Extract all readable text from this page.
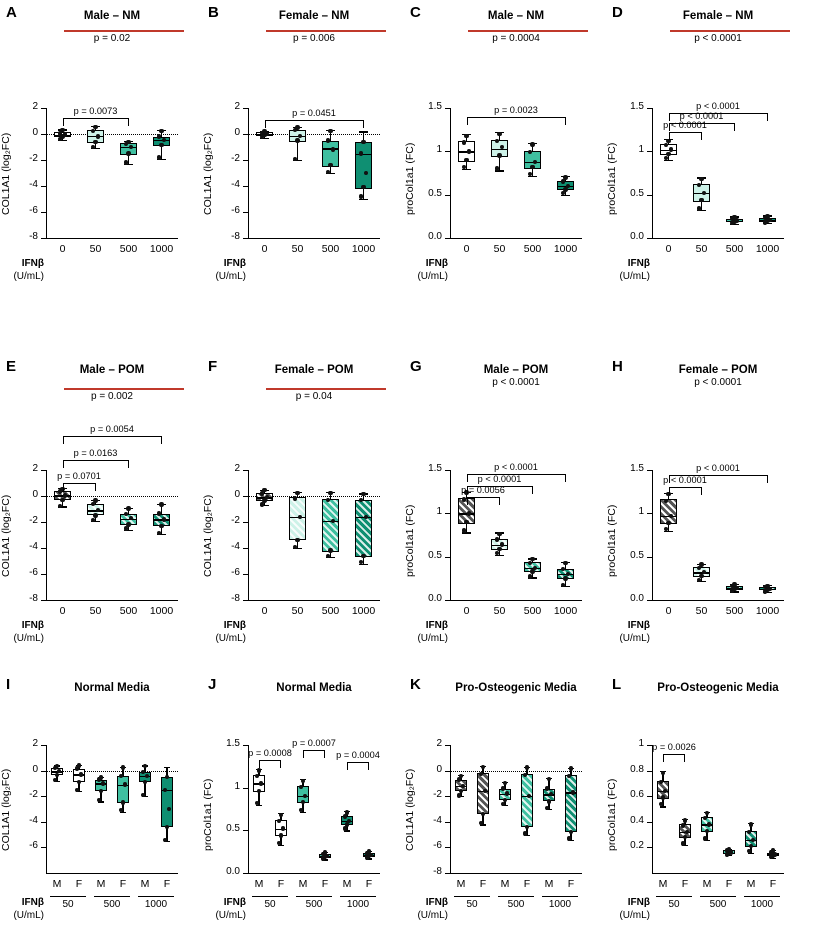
A	Male – NM
p = 0.02
2
0
-2
-4
-6
-8
COL1A1 (log₂FC)
0	50	500	1000
IFNβ
(U/mL)
p = 0.0073
B	Female – NM
p = 0.006
2
0
-2
-4
-6
-8
COL1A1 (log₂FC)
0	50	500	1000
IFNβ
(U/mL)
p = 0.0451
C	Male – NM
p = 0.0004
1.5
1
0.5
0.0
proCol1a1 (FC)
0	50	500	1000
IFNβ
(U/mL)
p = 0.0023
D	Female – NM
p < 0.0001
1.5
1
0.5
0.0
proCol1a1 (FC)
0	50	500	1000
IFNβ
(U/mL)
p < 0.0001
p < 0.0001
p < 0.0001
E	Male – POM
p = 0.002
2
0
-2
-4
-6
-8
COL1A1 (log₂FC)
0	50	500	1000
IFNβ
(U/mL)
p = 0.0701
p = 0.0163
p = 0.0054
F	Female – POM
p = 0.04
2
0
-2
-4
-6
-8
COL1A1 (log₂FC)
0	50	500	1000
IFNβ
(U/mL)
G	Male – POM
p < 0.0001
1.5
1
0.5
0.0
proCol1a1 (FC)
0	50	500	1000
IFNβ
(U/mL)
p = 0.0056
p < 0.0001
p < 0.0001
H	Female – POM
p < 0.0001
1.5
1
0.5
0.0
proCol1a1 (FC)
0	50	500	1000
IFNβ
(U/mL)
p < 0.0001
p < 0.0001
I	Normal Media
2
0
-2
-4
-6
COL1A1 (log₂FC)
M	F	M	F	M	F
50	500	1000
IFNβ
(U/mL)
J	Normal Media
1.5
1
0.5
0.0
proCol1a1 (FC)
M	F	M	F	M	F
50	500	1000
IFNβ
(U/mL)
p = 0.0008
p = 0.0007
p = 0.0004
K	Pro-Osteogenic Media
2
0
-2
-4
-6
-8
COL1A1 (log₂FC)
M	F	M	F	M	F
50	500	1000
IFNβ
(U/mL)
L	Pro-Osteogenic Media
1
0.8
0.6
0.4
0.2
proCol1a1 (FC)
M	F	M	F	M	F
50	500	1000
IFNβ
(U/mL)
p = 0.0026
